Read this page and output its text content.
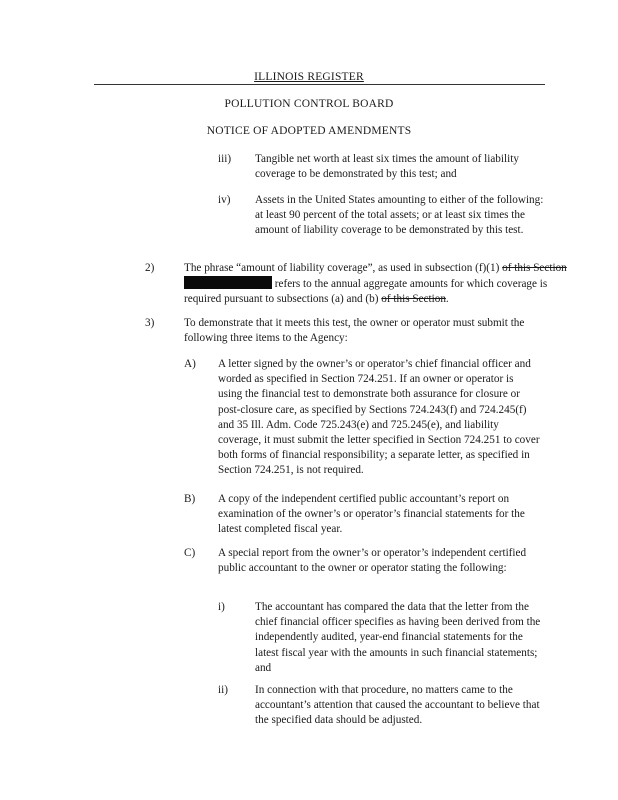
ILLINOIS REGISTER
POLLUTION CONTROL BOARD
NOTICE OF ADOPTED AMENDMENTS
iii) Tangible net worth at least six times the amount of liability coverage to be demonstrated by this test; and
iv) Assets in the United States amounting to either of the following: at least 90 percent of the total assets; or at least six times the amount of liability coverage to be demonstrated by this test.
2)	The phrase “amount of liability coverage”, as used in subsection (f)(1) of this Section
refers to the annual aggregate amounts for which coverage is
required pursuant to subsections (a) and (b) of this Section.
3)	To demonstrate that it meets this test, the owner or operator must submit the following three items to the Agency:
A) A letter signed by the owner’s or operator’s chief financial officer and worded as specified in Section 724.251. If an owner or operator is using the financial test to demonstrate both assurance for closure or post-closure care, as specified by Sections 724.243(f) and 724.245(f) and 35 Ill. Adm. Code 725.243(e) and 725.245(e), and liability coverage, it must submit the letter specified in Section 724.251 to cover both forms of financial responsibility; a separate letter, as specified in Section 724.251, is not required.
B) A copy of the independent certified public accountant’s report on examination of the owner’s or operator’s financial statements for the latest completed fiscal year.
C) A special report from the owner’s or operator’s independent certified public accountant to the owner or operator stating the following:
i)	The accountant has compared the data that the letter from the chief financial officer specifies as having been derived from the independently audited, year-end financial statements for the latest fiscal year with the amounts in such financial statements; and
ii) In connection with that procedure, no matters came to the accountant’s attention that caused the accountant to believe that the specified data should be adjusted.
